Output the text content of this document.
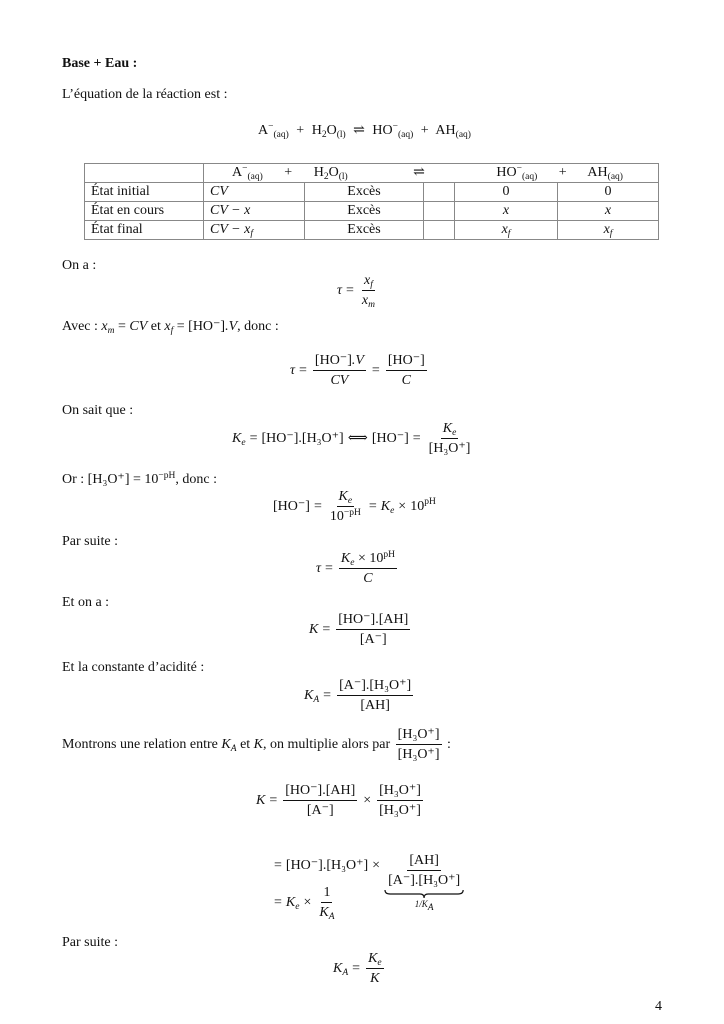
Base + Eau :
L’équation de la réaction est :
$A^-_{(aq)} + H_2O_{(l)}$ ⇌ $HO^-_{(aq)} + AH_{(aq)}$
	$A^-_{(aq)} + H_2O_{(l)}$ ⇌ $HO^-_{(aq)} + AH_{(aq)}$
État initial	CV	Excès		0	0
État en cours	CV − x	Excès		x	x
État final	CV − $x_f$	Excès		$x_f$	$x_f$
On a :
$\tau = \frac{x_f}{x_m}$
Avec : $x_m$ = CV et $x_f = [HO^-].V$, donc :
$\tau = \frac{[HO^-].V}{CV} = \frac{[HO^-]}{C}$
On sait que :
$K_e = [HO^-]$ . [H₃O⁺] ⟺ $[HO^-] = \frac{K_e}{\text{[H₃O⁺]}}$
Or : $[H_3O^+] = 10^{-pH}$, donc :
$[HO^-] = \frac{K_e}{10^{-pH}} = K_e \times 10^{pH}$
Par suite :
$\tau = \frac{K_e \times 10^{pH}}{C}$
Et on a :
$K = \frac{[HO^-].[AH]}{[A^-]}$
Et la constante d’acidité :
$K_A = \frac{\text{[A⁻].[H₃O⁺]}}{[AH]}$
Montrons une relation entre
$K_A$
et
K , on multiplie alors par
$\frac{\text{[H₃O⁺]}}{\text{[H₃O⁺]}}$
:
$K = \frac{[HO^-].[AH]}{[A^-]} \times \frac{\text{[H₃O⁺]}}{\text{[H₃O⁺]}}$
= [HO⁻] . $[H_3O^+] \times \frac{[AH]}{\text{[A⁻].[H₃O⁺]}}$
$1/K_A$
= $K_e \times \frac{1}{K_A}$
Par suite :
$K_A = \frac{K_e}{K}$
4
